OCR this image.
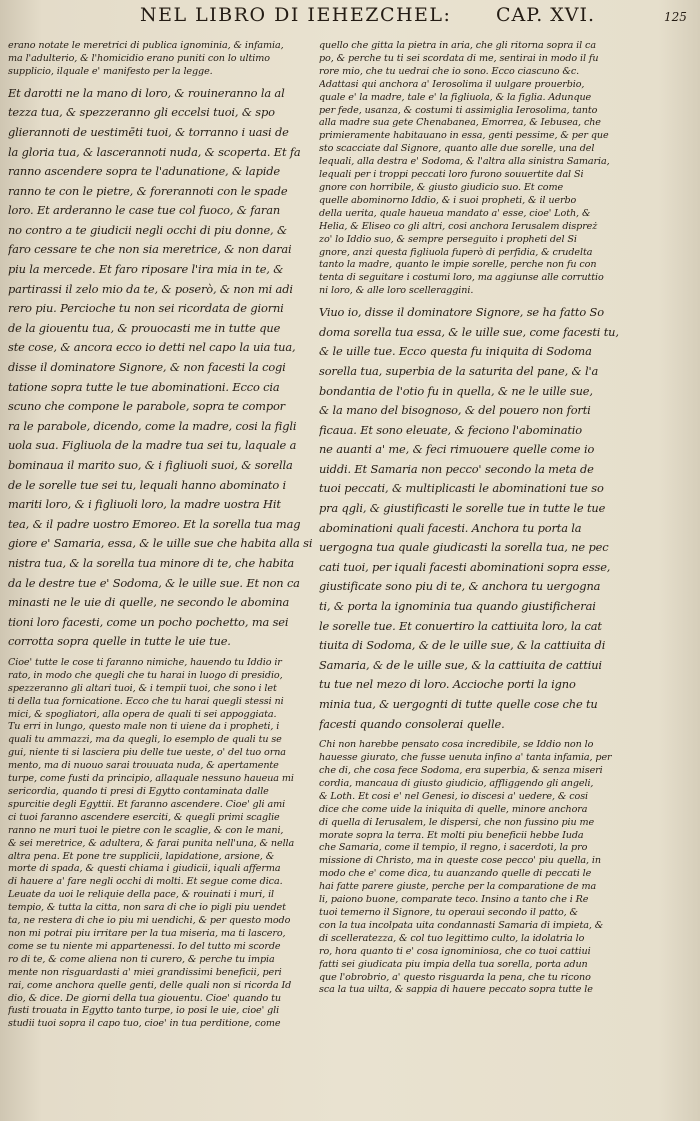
NEL LIBRO DI IEHEZCHEL: CAP. XVI.	125
erano notate le meretrici di publica ignominia, & infamia,
ma l'adulterio, & l'homicidio erano puniti con lo ultimo
supplicio, ilquale e' manifesto per la legge.
Et darotti ne la mano di loro, & rouineranno la al
tezza tua, & spezzeranno gli eccelsi tuoi, & spo
glierannoti de uestimēti tuoi, & torranno i uasi de
la gloria tua, & lascerannoti nuda, & scoperta. Et fa
ranno ascendere sopra te l'adunatione, & lapide
ranno te con le pietre, & forerannoti con le spade
loro. Et arderanno le case tue col fuoco, & faran
no contro a te giudicii negli occhi di piu donne, &
faro cessare te che non sia meretrice, & non darai
piu la mercede. Et faro riposare l'ira mia in te, &
partirassi il zelo mio da te, & poserò, & non mi adi
rero piu. Percioche tu non sei ricordata de giorni
de la giouentu tua, & prouocasti me in tutte que
ste cose, & ancora ecco io detti nel capo la uia tua,
disse il dominatore Signore, & non facesti la cogi
tatione sopra tutte le tue abominationi. Ecco cia
scuno che compone le parabole, sopra te compor
ra le parabole, dicendo, come la madre, cosi la figli
uola sua. Figliuola de la madre tua sei tu, laquale a
bominaua il marito suo, & i figliuoli suoi, & sorella
de le sorelle tue sei tu, lequali hanno abominato i
mariti loro, & i figliuoli loro, la madre uostra Hit
tea, & il padre uostro Emoreo. Et la sorella tua mag
giore e' Samaria, essa, & le uille sue che habita alla si
nistra tua, & la sorella tua minore di te, che habita
da le destre tue e' Sodoma, & le uille sue. Et non ca
minasti ne le uie di quelle, ne secondo le abomina
tioni loro facesti, come un pocho pochetto, ma sei
corrotta sopra quelle in tutte le uie tue.
Cioe' tutte le cose ti faranno nimiche, hauendo tu Iddio ir
rato, in modo che quegli che tu harai in luogo di presidio,
spezzeranno gli altari tuoi, & i tempii tuoi, che sono i let
ti della tua fornicatione. Ecco che tu harai quegli stessi ni
mici, & spogliatori, alla opera de quali ti sei appoggiata.
Tu erri in lungo, questo male non ti uiene da i propheti, i
quali tu ammazzi, ma da quegli, lo esemplo de quali tu se
gui, niente ti si lasciera piu delle tue ueste, o' del tuo orna
mento, ma di nuouo sarai trouuata nuda, & apertamente
turpe, come fusti da principio, allaquale nessuno haueua mi
sericordia, quando ti presi di Egytto contaminata dalle
spurcitie degli Egyttii. Et faranno ascendere. Cioe' gli ami
ci tuoi faranno ascendere eserciti, & quegli primi scaglie
ranno ne muri tuoi le pietre con le scaglie, & con le mani,
& sei meretrice, & adultera, & farai punita nell'una, & nella
altra pena. Et pone tre supplicii, lapidatione, arsione, &
morte di spada, & questi chiama i giudicii, iquali afferma
di hauere a' fare negli occhi di molti. Et segue come dica.
Leuate da uoi le reliquie della pace, & rouinati i muri, il
tempio, & tutta la citta, non sara di che io pigli piu uendet
ta, ne restera di che io piu mi uendichi, & per questo modo
non mi potrai piu irritare per la tua miseria, ma ti lascero,
come se tu niente mi appartenessi. Io del tutto mi scorde
ro di te, & come aliena non ti curero, & perche tu impia
mente non risguardasti a' miei grandissimi beneficii, peri
rai, come anchora quelle genti, delle quali non si ricorda Id
dio, & dice. De giorni della tua giouentu. Cioe' quando tu
fusti trouata in Egytto tanto turpe, io posi le uie, cioe' gli
studii tuoi sopra il capo tuo, cioe' in tua perditione, come
quello che gitta la pietra in aria, che gli ritorna sopra il ca
po, & perche tu ti sei scordata di me, sentirai in modo il fu
rore mio, che tu uedrai che io sono. Ecco ciascuno &c.
Adattasi qui anchora a' Ierosolima il uulgare prouerbio,
quale e' la madre, tale e' la figliuola, & la figlia. Adunque
per fede, usanza, & costumi ti assimiglia Ierosolima, tanto
alla madre sua gete Chenabanea, Emorrea, & Iebusea, che
primieramente habitauano in essa, genti pessime, & per que
sto scacciate dal Signore, quanto alle due sorelle, una del
lequali, alla destra e' Sodoma, & l'altra alla sinistra Samaria,
lequali per i troppi peccati loro furono souuertite dal Si
gnore con horribile, & giusto giudicio suo. Et come
quelle abominorno Iddio, & i suoi propheti, & il uerbo
della uerita, quale haueua mandato a' esse, cioe' Loth, &
Helia, & Eliseo co gli altri, cosi anchora Ierusalem dispreż
zo' lo Iddio suo, & sempre perseguito i propheti del Si
gnore, anzi questa figliuola fuperò di perfidia, & crudelta
tanto la madre, quanto le impie sorelle, perche non fu con
tenta di seguitare i costumi loro, ma aggiunse alle corruttio
ni loro, & alle loro scelleraggini.
Viuo io, disse il dominatore Signore, se ha fatto So
doma sorella tua essa, & le uille sue, come facesti tu,
& le uille tue. Ecco questa fu iniquita di Sodoma
sorella tua, superbia de la saturita del pane, & l'a
bondantia de l'otio fu in quella, & ne le uille sue,
& la mano del bisognoso, & del pouero non forti
ficaua. Et sono eleuate, & feciono l'abominatio
ne auanti a' me, & feci rimuouere quelle come io
uiddi. Et Samaria non pecco' secondo la meta de
tuoi peccati, & multiplicasti le abominationi tue so
pra qgli, & giustificasti le sorelle tue in tutte le tue
abominationi quali facesti. Anchora tu porta la
uergogna tua quale giudicasti la sorella tua, ne pec
cati tuoi, per iquali facesti abominationi sopra esse,
giustificate sono piu di te, & anchora tu uergogna
ti, & porta la ignominia tua quando giustificherai
le sorelle tue. Et conuertiro la cattiuita loro, la cat
tiuita di Sodoma, & de le uille sue, & la cattiuita di
Samaria, & de le uille sue, & la cattiuita de cattiui
tu tue nel mezo di loro. Accioche porti la igno
minia tua, & uergognti di tutte quelle cose che tu
facesti quando consolerai quelle.
Chi non harebbe pensato cosa incredibile, se Iddio non lo
hauesse giurato, che fusse uenuta infino a' tanta infamia, per
che di, che cosa fece Sodoma, era superbia, & senza miseri
cordia, mancaua di giusto giudicio, affliggendo gli angeli,
& Loth. Et cosi e' nel Genesi, io discesi a' uedere, & cosi
dice che come uide la iniquita di quelle, minore anchora
di quella di Ierusalem, le dispersi, che non fussino piu me
morate sopra la terra. Et molti piu beneficii hebbe Iuda
che Samaria, come il tempio, il regno, i sacerdoti, la pro
missione di Christo, ma in queste cose pecco' piu quella, in
modo che e' come dica, tu auanzando quelle di peccati le
hai fatte parere giuste, perche per la comparatione de ma
li, paiono buone, comparate teco. Insino a tanto che i Re
tuoi temerno il Signore, tu operaui secondo il patto, &
con la tua incolpata uita condannasti Samaria di impieta, &
di scelleratezza, & col tuo legittimo culto, la idolatria lo
ro, hora quanto ti e' cosa ignominiosa, che co tuoi cattiui
fatti sei giudicata piu impia della tua sorella, porta adun
que l'obrobrio, a' questo risguarda la pena, che tu ricono
sca la tua uilta, & sappia di hauere peccato sopra tutte le
